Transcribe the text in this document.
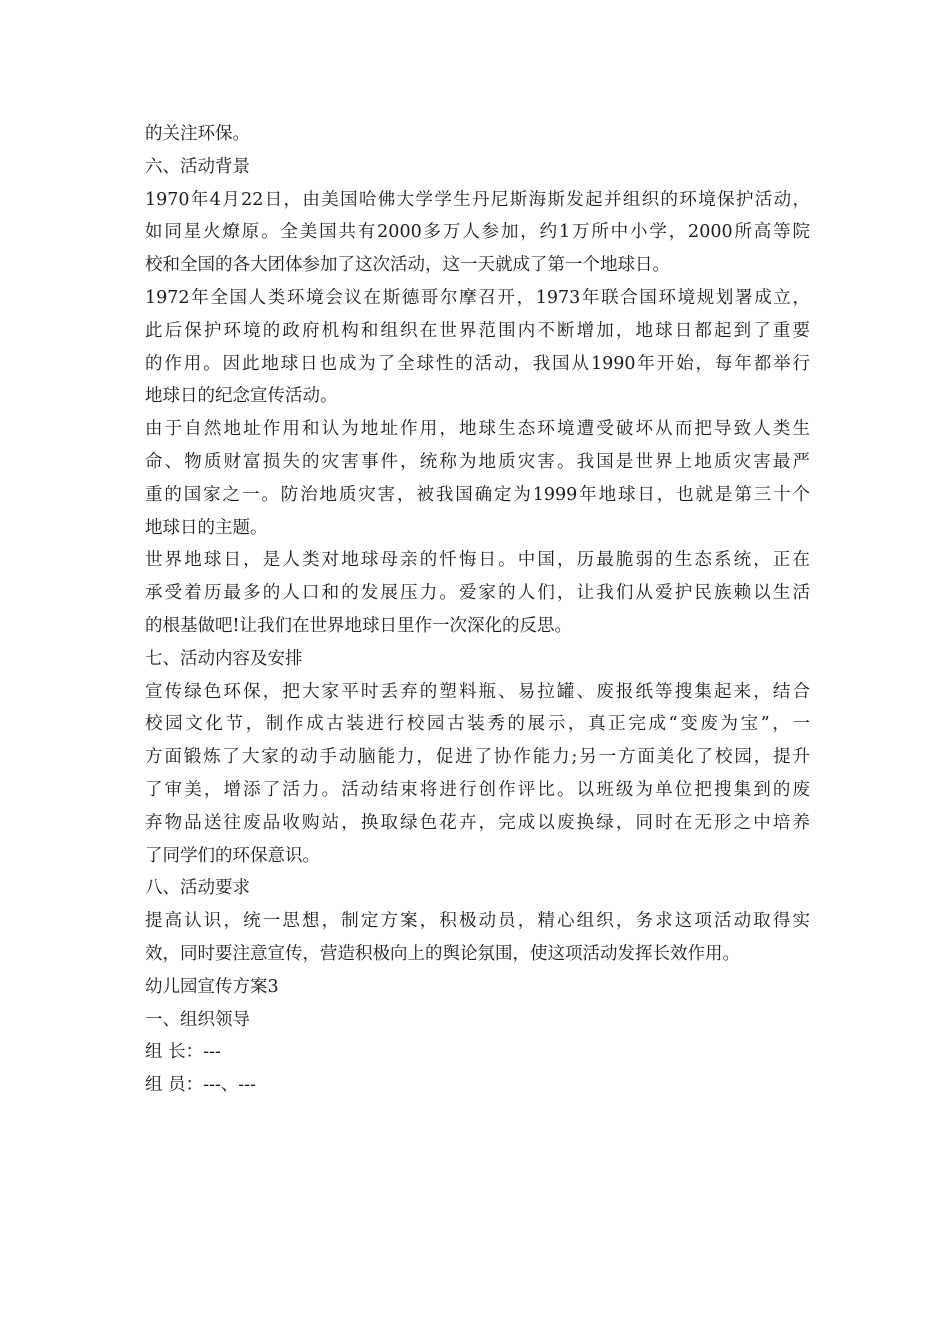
的关注环保。
六、活动背景
1970年4月22日，由美国哈佛大学学生丹尼斯海斯发起并组织的环境保护活动，
如同星火燎原。全美国共有2000多万人参加，约1万所中小学，2000所高等院
校和全国的各大团体参加了这次活动，这一天就成了第一个地球日。
1972年全国人类环境会议在斯德哥尔摩召开，1973年联合国环境规划署成立，
此后保护环境的政府机构和组织在世界范围内不断增加，地球日都起到了重要
的作用。因此地球日也成为了全球性的活动，我国从1990年开始，每年都举行
地球日的纪念宣传活动。
由于自然地址作用和认为地址作用，地球生态环境遭受破坏从而把导致人类生
命、物质财富损失的灾害事件，统称为地质灾害。我国是世界上地质灾害最严
重的国家之一。防治地质灾害，被我国确定为1999年地球日，也就是第三十个
地球日的主题。
世界地球日，是人类对地球母亲的忏悔日。中国，历最脆弱的生态系统，正在
承受着历最多的人口和的发展压力。爱家的人们，让我们从爱护民族赖以生活
的根基做吧!让我们在世界地球日里作一次深化的反思。
七、活动内容及安排
宣传绿色环保，把大家平时丢弃的塑料瓶、易拉罐、废报纸等搜集起来，结合
校园文化节，制作成古装进行校园古装秀的展示，真正完成“变废为宝”，一
方面锻炼了大家的动手动脑能力，促进了协作能力;另一方面美化了校园，提升
了审美，增添了活力。活动结束将进行创作评比。以班级为单位把搜集到的废
弃物品送往废品收购站，换取绿色花卉，完成以废换绿，同时在无形之中培养
了同学们的环保意识。
八、活动要求
提高认识，统一思想，制定方案，积极动员，精心组织，务求这项活动取得实
效，同时要注意宣传，营造积极向上的舆论氛围，使这项活动发挥长效作用。
幼儿园宣传方案3
一、组织领导
组 长：---
组 员：---、---
